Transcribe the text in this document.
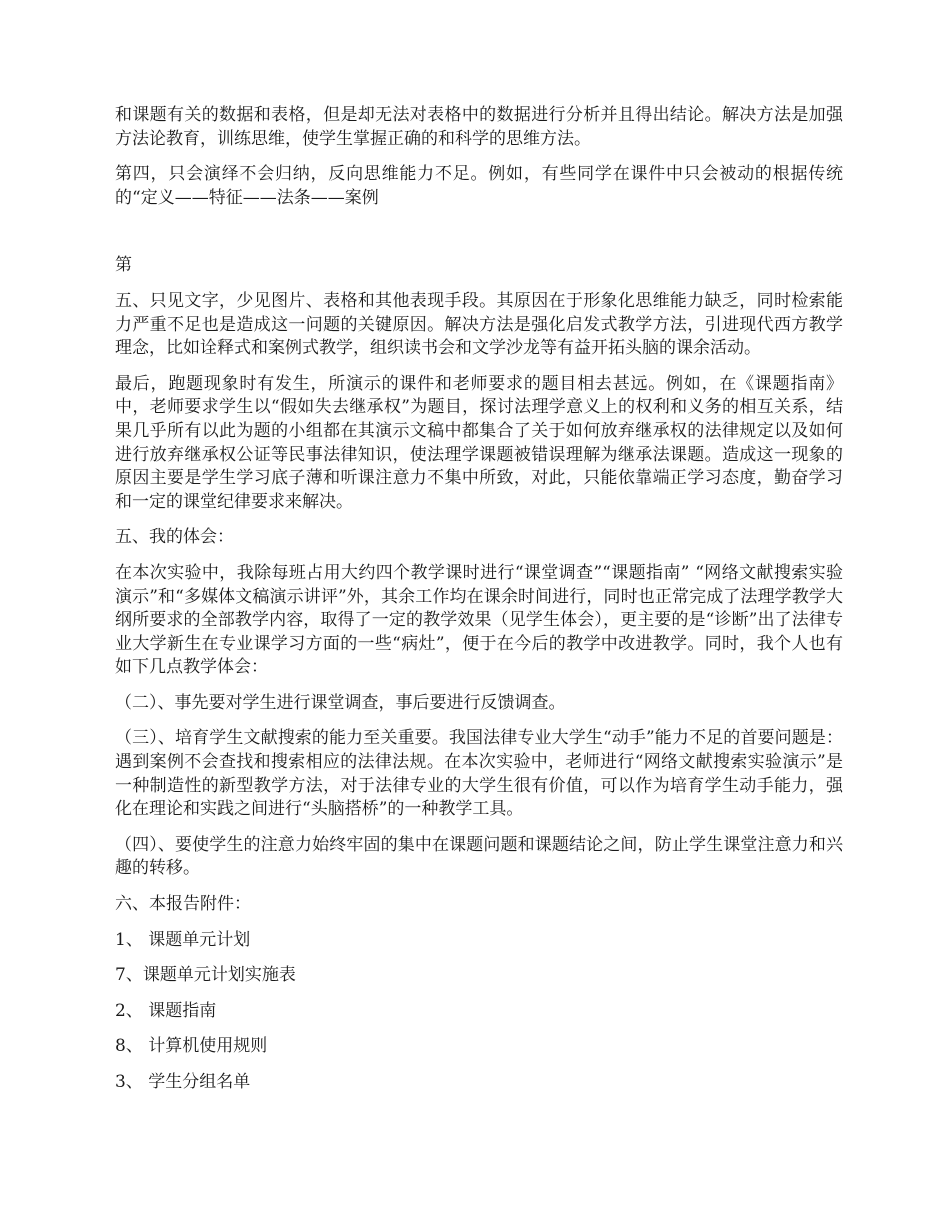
和课题有关的数据和表格，但是却无法对表格中的数据进行分析并且得出结论。解决方法是加强方法论教育，训练思维，使学生掌握正确的和科学的思维方法。

第四，只会演绎不会归纳，反向思维能力不足。例如，有些同学在课件中只会被动的根据传统的“定义——特征——法条——案例

第

五、只见文字，少见图片、表格和其他表现手段。其原因在于形象化思维能力缺乏，同时检索能力严重不足也是造成这一问题的关键原因。解决方法是强化启发式教学方法，引进现代西方教学理念，比如诠释式和案例式教学，组织读书会和文学沙龙等有益开拓头脑的课余活动。

最后，跑题现象时有发生，所演示的课件和老师要求的题目相去甚远。例如，在《课题指南》中，老师要求学生以“假如失去继承权”为题目，探讨法理学意义上的权利和义务的相互关系，结果几乎所有以此为题的小组都在其演示文稿中都集合了关于如何放弃继承权的法律规定以及如何进行放弃继承权公证等民事法律知识，使法理学课题被错误理解为继承法课题。造成这一现象的原因主要是学生学习底子薄和听课注意力不集中所致，对此，只能依靠端正学习态度，勤奋学习和一定的课堂纪律要求来解决。

五、我的体会：

在本次实验中，我除每班占用大约四个教学课时进行“课堂调查”“课题指南” “网络文献搜索实验演示”和“多媒体文稿演示讲评”外，其余工作均在课余时间进行，同时也正常完成了法理学教学大纲所要求的全部教学内容，取得了一定的教学效果（见学生体会），更主要的是“诊断”出了法律专业大学新生在专业课学习方面的一些“病灶”，便于在今后的教学中改进教学。同时，我个人也有如下几点教学体会：

（二）、事先要对学生进行课堂调查，事后要进行反馈调查。

（三）、培育学生文献搜索的能力至关重要。我国法律专业大学生“动手”能力不足的首要问题是：遇到案例不会查找和搜索相应的法律法规。在本次实验中，老师进行“网络文献搜索实验演示”是一种制造性的新型教学方法，对于法律专业的大学生很有价值，可以作为培育学生动手能力，强化在理论和实践之间进行“头脑搭桥”的一种教学工具。

（四）、要使学生的注意力始终牢固的集中在课题问题和课题结论之间，防止学生课堂注意力和兴趣的转移。

六、本报告附件：

1、 课题单元计划

7、课题单元计划实施表

2、 课题指南

8、 计算机使用规则

3、 学生分组名单
